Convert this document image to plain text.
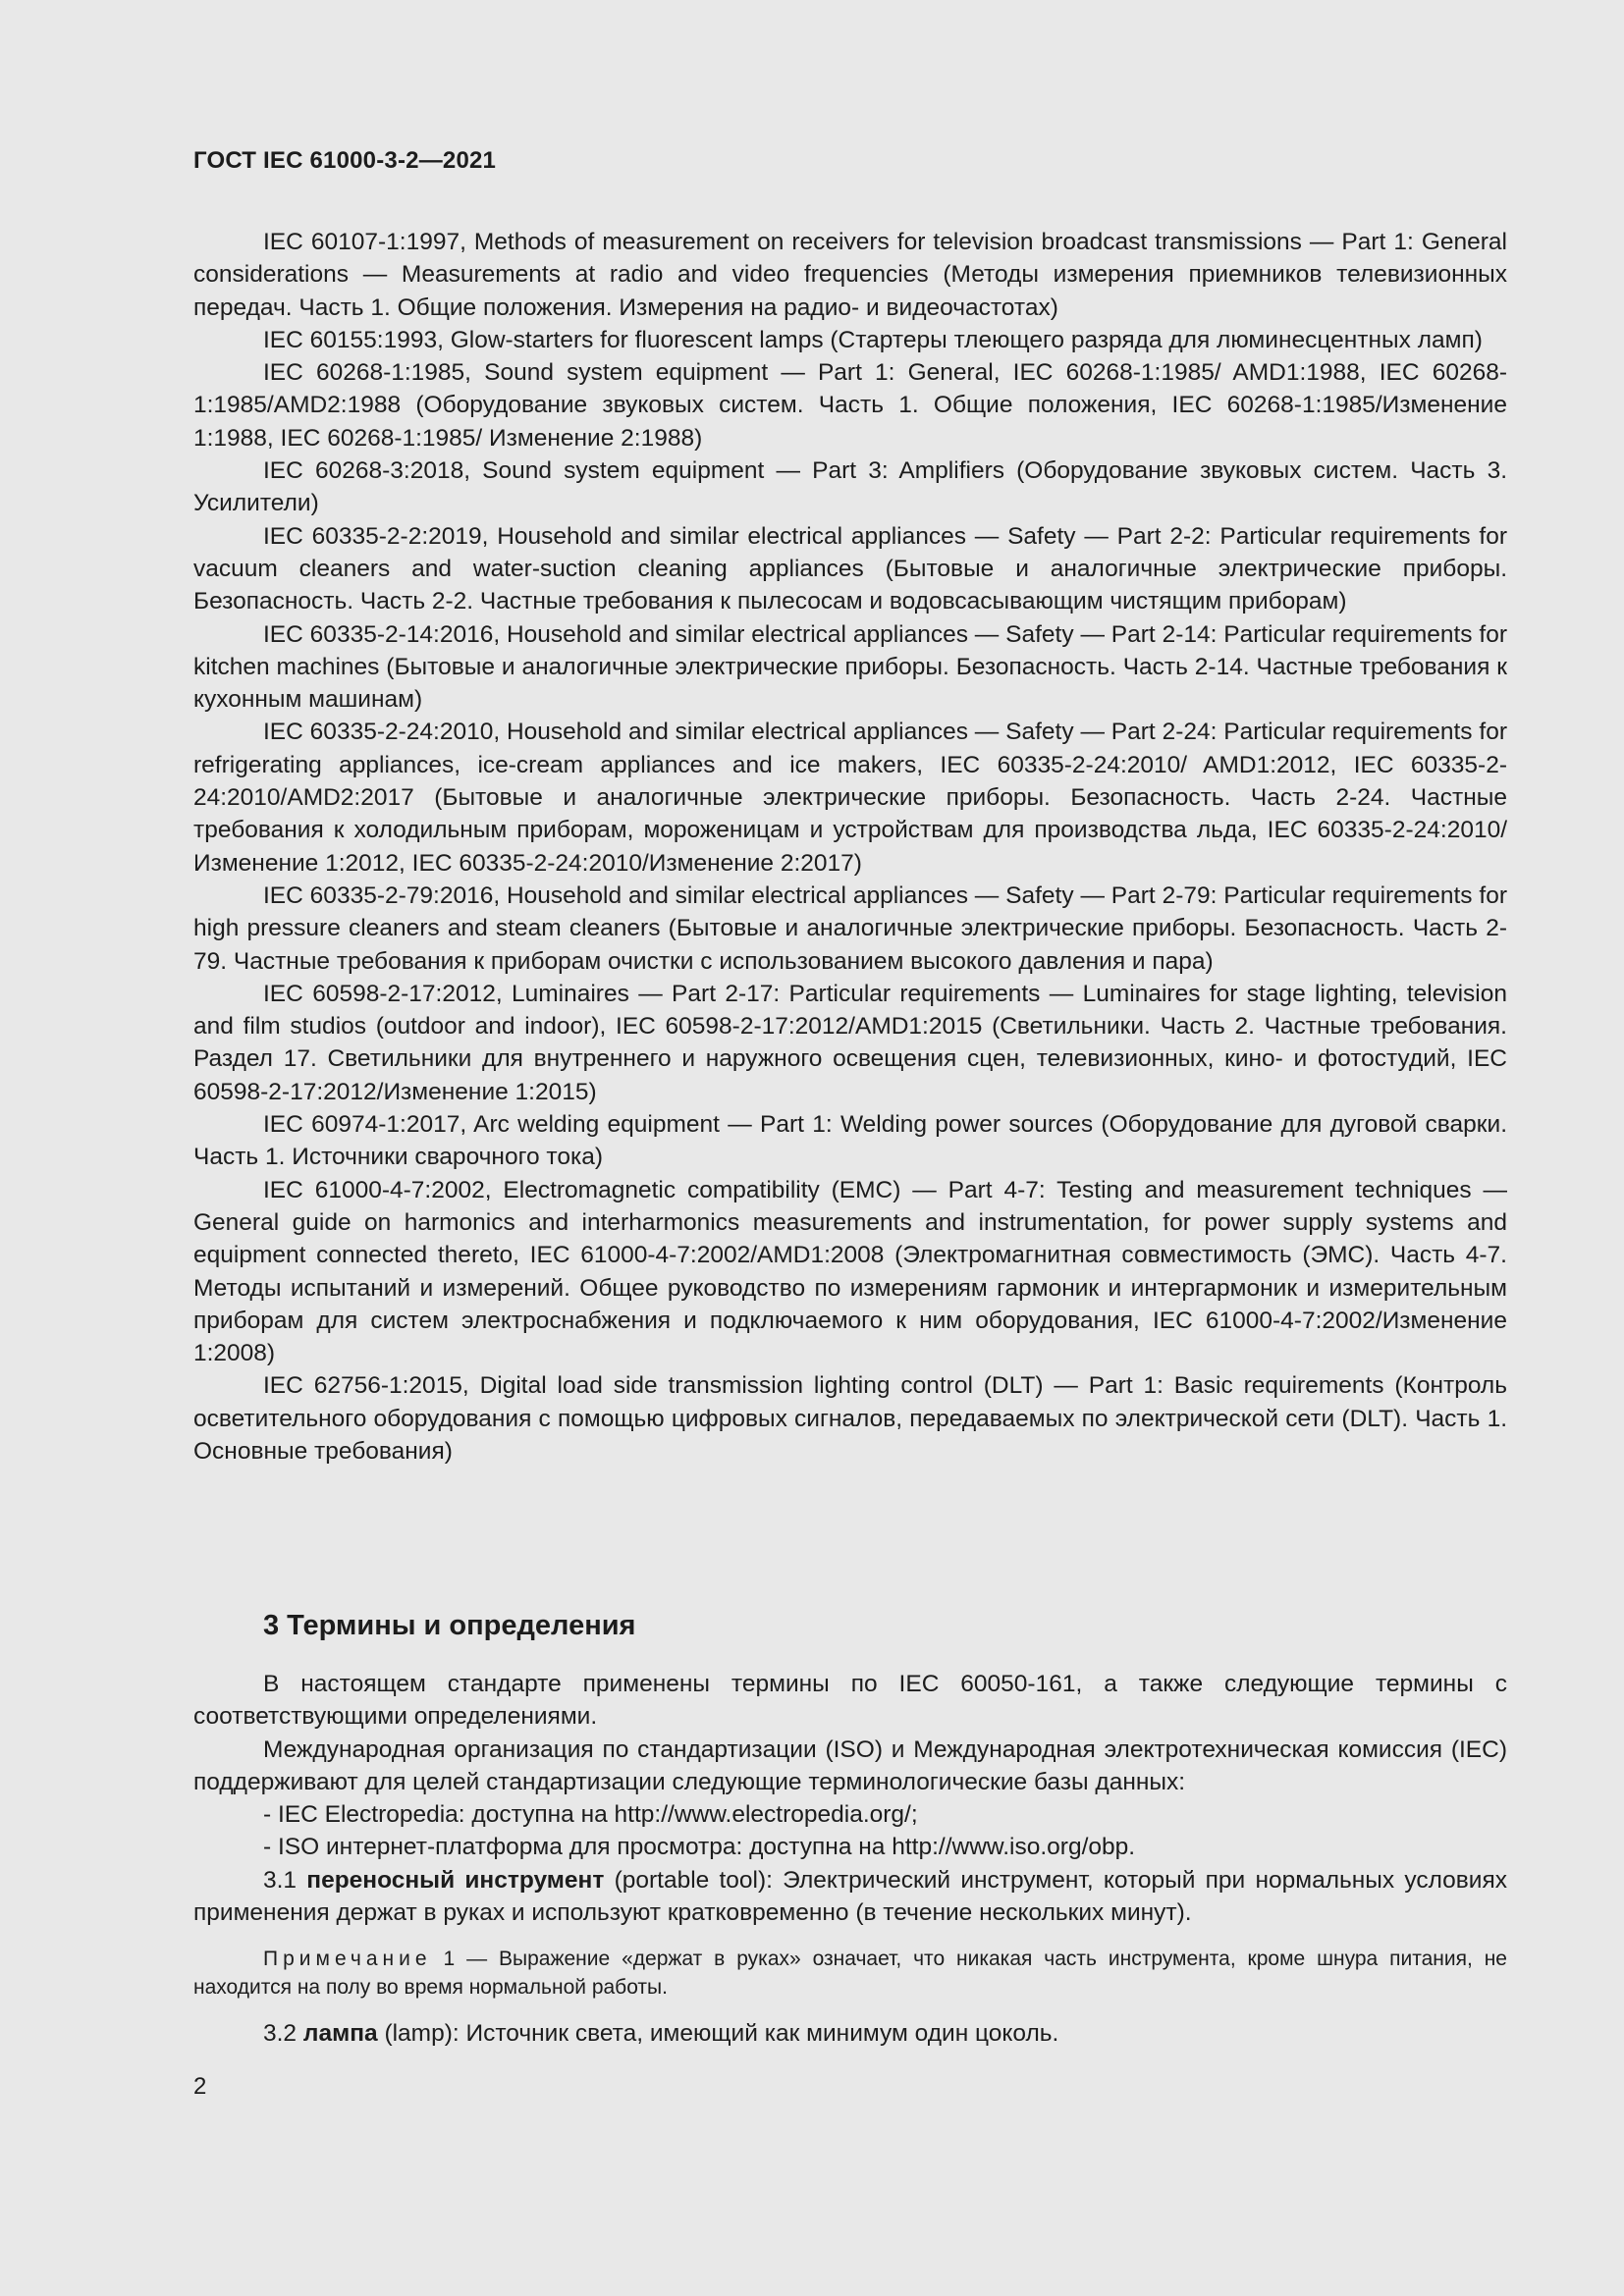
ГОСТ IEC 61000-3-2—2021

IEC 60107-1:1997, Methods of measurement on receivers for television broadcast transmissions — Part 1: General considerations — Measurements at radio and video frequencies (Методы измерения приемников телевизионных передач. Часть 1. Общие положения. Измерения на радио- и видеочастотах)

IEC 60155:1993, Glow-starters for fluorescent lamps (Стартеры тлеющего разряда для люминесцентных ламп)

IEC 60268-1:1985, Sound system equipment — Part 1: General, IEC 60268-1:1985/ AMD1:1988, IEC 60268-1:1985/AMD2:1988 (Оборудование звуковых систем. Часть 1. Общие положения, IEC 60268-1:1985/Изменение 1:1988, IEC 60268-1:1985/ Изменение 2:1988)

IEC 60268-3:2018, Sound system equipment — Part 3: Amplifiers (Оборудование звуковых систем. Часть 3. Усилители)

IEC 60335-2-2:2019, Household and similar electrical appliances — Safety — Part 2-2: Particular requirements for vacuum cleaners and water-suction cleaning appliances (Бытовые и аналогичные электрические приборы. Безопасность. Часть 2-2. Частные требования к пылесосам и водовсасывающим чистящим приборам)

IEC 60335-2-14:2016, Household and similar electrical appliances — Safety — Part 2-14: Particular requirements for kitchen machines (Бытовые и аналогичные электрические приборы. Безопасность. Часть 2-14. Частные требования к кухонным машинам)

IEC 60335-2-24:2010, Household and similar electrical appliances — Safety — Part 2-24: Particular requirements for refrigerating appliances, ice-cream appliances and ice makers, IEC 60335-2-24:2010/ AMD1:2012, IEC 60335-2-24:2010/AMD2:2017 (Бытовые и аналогичные электрические приборы. Безопасность. Часть 2-24. Частные требования к холодильным приборам, мороженицам и устройствам для производства льда, IEC 60335-2-24:2010/Изменение 1:2012, IEC 60335-2-24:2010/Изменение 2:2017)

IEC 60335-2-79:2016, Household and similar electrical appliances — Safety — Part 2-79: Particular requirements for high pressure cleaners and steam cleaners (Бытовые и аналогичные электрические приборы. Безопасность. Часть 2-79. Частные требования к приборам очистки с использованием высокого давления и пара)

IEC 60598-2-17:2012, Luminaires — Part 2-17: Particular requirements — Luminaires for stage lighting, television and film studios (outdoor and indoor), IEC 60598-2-17:2012/AMD1:2015 (Светильники. Часть 2. Частные требования. Раздел 17. Светильники для внутреннего и наружного освещения сцен, телевизионных, кино- и фотостудий, IEC 60598-2-17:2012/Изменение 1:2015)

IEC 60974-1:2017, Arc welding equipment — Part 1: Welding power sources (Оборудование для дуговой сварки. Часть 1. Источники сварочного тока)

IEC 61000-4-7:2002, Electromagnetic compatibility (EMC) — Part 4-7: Testing and measurement techniques — General guide on harmonics and interharmonics measurements and instrumentation, for power supply systems and equipment connected thereto, IEC 61000-4-7:2002/AMD1:2008 (Электромагнитная совместимость (ЭМС). Часть 4-7. Методы испытаний и измерений. Общее руководство по измерениям гармоник и интергармоник и измерительным приборам для систем электроснабжения и подключаемого к ним оборудования, IEC 61000-4-7:2002/Изменение 1:2008)

IEC 62756-1:2015, Digital load side transmission lighting control (DLT) — Part 1: Basic requirements (Контроль осветительного оборудования с помощью цифровых сигналов, передаваемых по электрической сети (DLT). Часть 1. Основные требования)

3 Термины и определения

В настоящем стандарте применены термины по IEC 60050-161, а также следующие термины с соответствующими определениями.

Международная организация по стандартизации (ISO) и Международная электротехническая комиссия (IEC) поддерживают для целей стандартизации следующие терминологические базы данных:

- IEC Electropedia: доступна на http://www.electropedia.org/;

- ISO интернет-платформа для просмотра: доступна на http://www.iso.org/obp.

3.1 переносный инструмент (portable tool): Электрический инструмент, который при нормальных условиях применения держат в руках и используют кратковременно (в течение нескольких минут).

Примечание 1 — Выражение «держат в руках» означает, что никакая часть инструмента, кроме шнура питания, не находится на полу во время нормальной работы.

3.2 лампа (lamp): Источник света, имеющий как минимум один цоколь.

2
